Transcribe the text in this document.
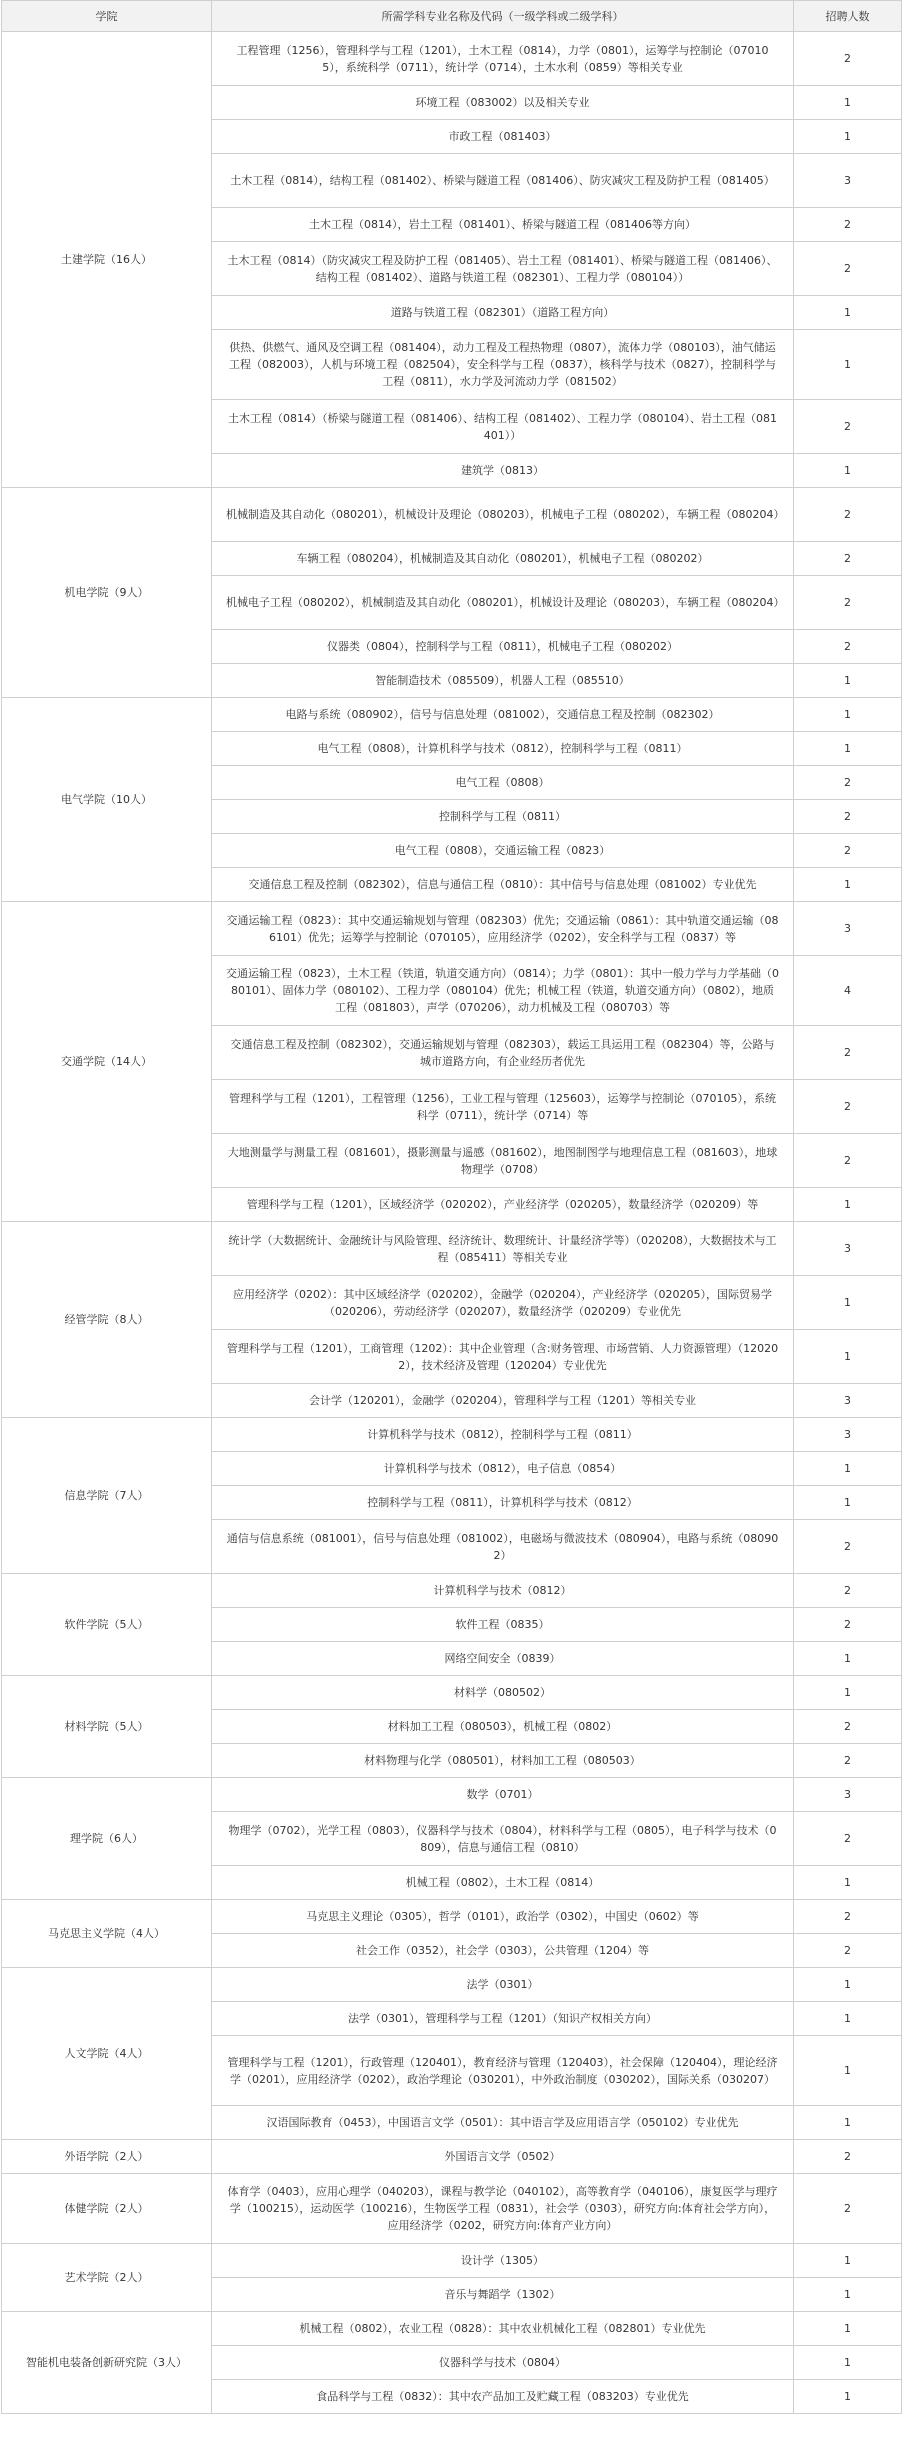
学院	所需学科专业名称及代码（一级学科或二级学科）	招聘人数
土建学院（16人）	工程管理（1256），管理科学与工程（1201），土木工程（0814），力学（0801），运筹学与控制论（070105），系统科学（0711），统计学（0714），土木水利（0859）等相关专业	2
	环境工程（083002）以及相关专业	1
	市政工程（081403）	1
	土木工程（0814），结构工程（081402）、桥梁与隧道工程（081406）、防灾减灾工程及防护工程（081405）	3
	土木工程（0814），岩土工程（081401）、桥梁与隧道工程（081406等方向）	2
	土木工程（0814）（防灾减灾工程及防护工程（081405）、岩土工程（081401）、桥梁与隧道工程（081406）、结构工程（081402）、道路与铁道工程（082301）、工程力学（080104））	2
	道路与铁道工程（082301）（道路工程方向）	1
	供热、供燃气、通风及空调工程（081404），动力工程及工程热物理（0807），流体力学（080103），油气储运工程（082003），人机与环境工程（082504），安全科学与工程（0837），核科学与技术（0827），控制科学与工程（0811），水力学及河流动力学（081502）	1
	土木工程（0814）（桥梁与隧道工程（081406）、结构工程（081402）、工程力学（080104）、岩土工程（081401））	2
	建筑学（0813）	1
机电学院（9人）	机械制造及其自动化（080201），机械设计及理论（080203），机械电子工程（080202），车辆工程（080204）	2
	车辆工程（080204），机械制造及其自动化（080201），机械电子工程（080202）	2
	机械电子工程（080202），机械制造及其自动化（080201），机械设计及理论（080203），车辆工程（080204）	2
	仪器类（0804），控制科学与工程（0811），机械电子工程（080202）	2
	智能制造技术（085509），机器人工程（085510）	1
电气学院（10人）	电路与系统（080902），信号与信息处理（081002），交通信息工程及控制（082302）	1
	电气工程（0808），计算机科学与技术（0812），控制科学与工程（0811）	1
	电气工程（0808）	2
	控制科学与工程（0811）	2
	电气工程（0808），交通运输工程（0823）	2
	交通信息工程及控制（082302），信息与通信工程（0810）：其中信号与信息处理（081002）专业优先	1
交通学院（14人）	交通运输工程（0823）：其中交通运输规划与管理（082303）优先；交通运输（0861）：其中轨道交通运输（086101）优先；运筹学与控制论（070105），应用经济学（0202），安全科学与工程（0837）等	3
	交通运输工程（0823），土木工程（铁道，轨道交通方向）（0814）；力学（0801）：其中一般力学与力学基础（080101）、固体力学（080102）、工程力学（080104）优先；机械工程（铁道，轨道交通方向）（0802），地质工程（081803），声学（070206），动力机械及工程（080703）等	4
	交通信息工程及控制（082302），交通运输规划与管理（082303），载运工具运用工程（082304）等，公路与城市道路方向，有企业经历者优先	2
	管理科学与工程（1201），工程管理（1256），工业工程与管理（125603），运筹学与控制论（070105），系统科学（0711），统计学（0714）等	2
	大地测量学与测量工程（081601），摄影测量与遥感（081602），地图制图学与地理信息工程（081603），地球物理学（0708）	2
	管理科学与工程（1201），区域经济学（020202），产业经济学（020205），数量经济学（020209）等	1
经管学院（8人）	统计学（大数据统计、金融统计与风险管理、经济统计、数理统计、计量经济学等）（020208），大数据技术与工程（085411）等相关专业	3
	应用经济学（0202）：其中区域经济学（020202），金融学（020204），产业经济学（020205），国际贸易学（020206），劳动经济学（020207），数量经济学（020209）专业优先	1
	管理科学与工程（1201），工商管理（1202）：其中企业管理（含:财务管理、市场营销、人力资源管理）（120202），技术经济及管理（120204）专业优先	1
	会计学（120201），金融学（020204），管理科学与工程（1201）等相关专业	3
信息学院（7人）	计算机科学与技术（0812），控制科学与工程（0811）	3
	计算机科学与技术（0812），电子信息（0854）	1
	控制科学与工程（0811），计算机科学与技术（0812）	1
	通信与信息系统（081001），信号与信息处理（081002），电磁场与微波技术（080904），电路与系统（080902）	2
软件学院（5人）	计算机科学与技术（0812）	2
	软件工程（0835）	2
	网络空间安全（0839）	1
材料学院（5人）	材料学（080502）	1
	材料加工工程（080503），机械工程（0802）	2
	材料物理与化学（080501），材料加工工程（080503）	2
理学院（6人）	数学（0701）	3
	物理学（0702），光学工程（0803），仪器科学与技术（0804），材料科学与工程（0805），电子科学与技术（0809），信息与通信工程（0810）	2
	机械工程（0802），土木工程（0814）	1
马克思主义学院（4人）	马克思主义理论（0305），哲学（0101），政治学（0302），中国史（0602）等	2
	社会工作（0352），社会学（0303），公共管理（1204）等	2
人文学院（4人）	法学（0301）	1
	法学（0301），管理科学与工程（1201）（知识产权相关方向）	1
	管理科学与工程（1201），行政管理（120401），教育经济与管理（120403），社会保障（120404），理论经济学（0201），应用经济学（0202），政治学理论（030201），中外政治制度（030202），国际关系（030207）	1
	汉语国际教育（0453），中国语言文学（0501）：其中语言学及应用语言学（050102）专业优先	1
外语学院（2人）	外国语言文学（0502）	2
体健学院（2人）	体育学（0403），应用心理学（040203），课程与教学论（040102），高等教育学（040106），康复医学与理疗学（100215），运动医学（100216），生物医学工程（0831），社会学（0303），研究方向:体育社会学方向），应用经济学（0202，研究方向:体育产业方向）	2
艺术学院（2人）	设计学（1305）	1
	音乐与舞蹈学（1302）	1
智能机电装备创新研究院（3人）	机械工程（0802），农业工程（0828）：其中农业机械化工程（082801）专业优先	1
	仪器科学与技术（0804）	1
	食品科学与工程（0832）：其中农产品加工及贮藏工程（083203）专业优先	1
